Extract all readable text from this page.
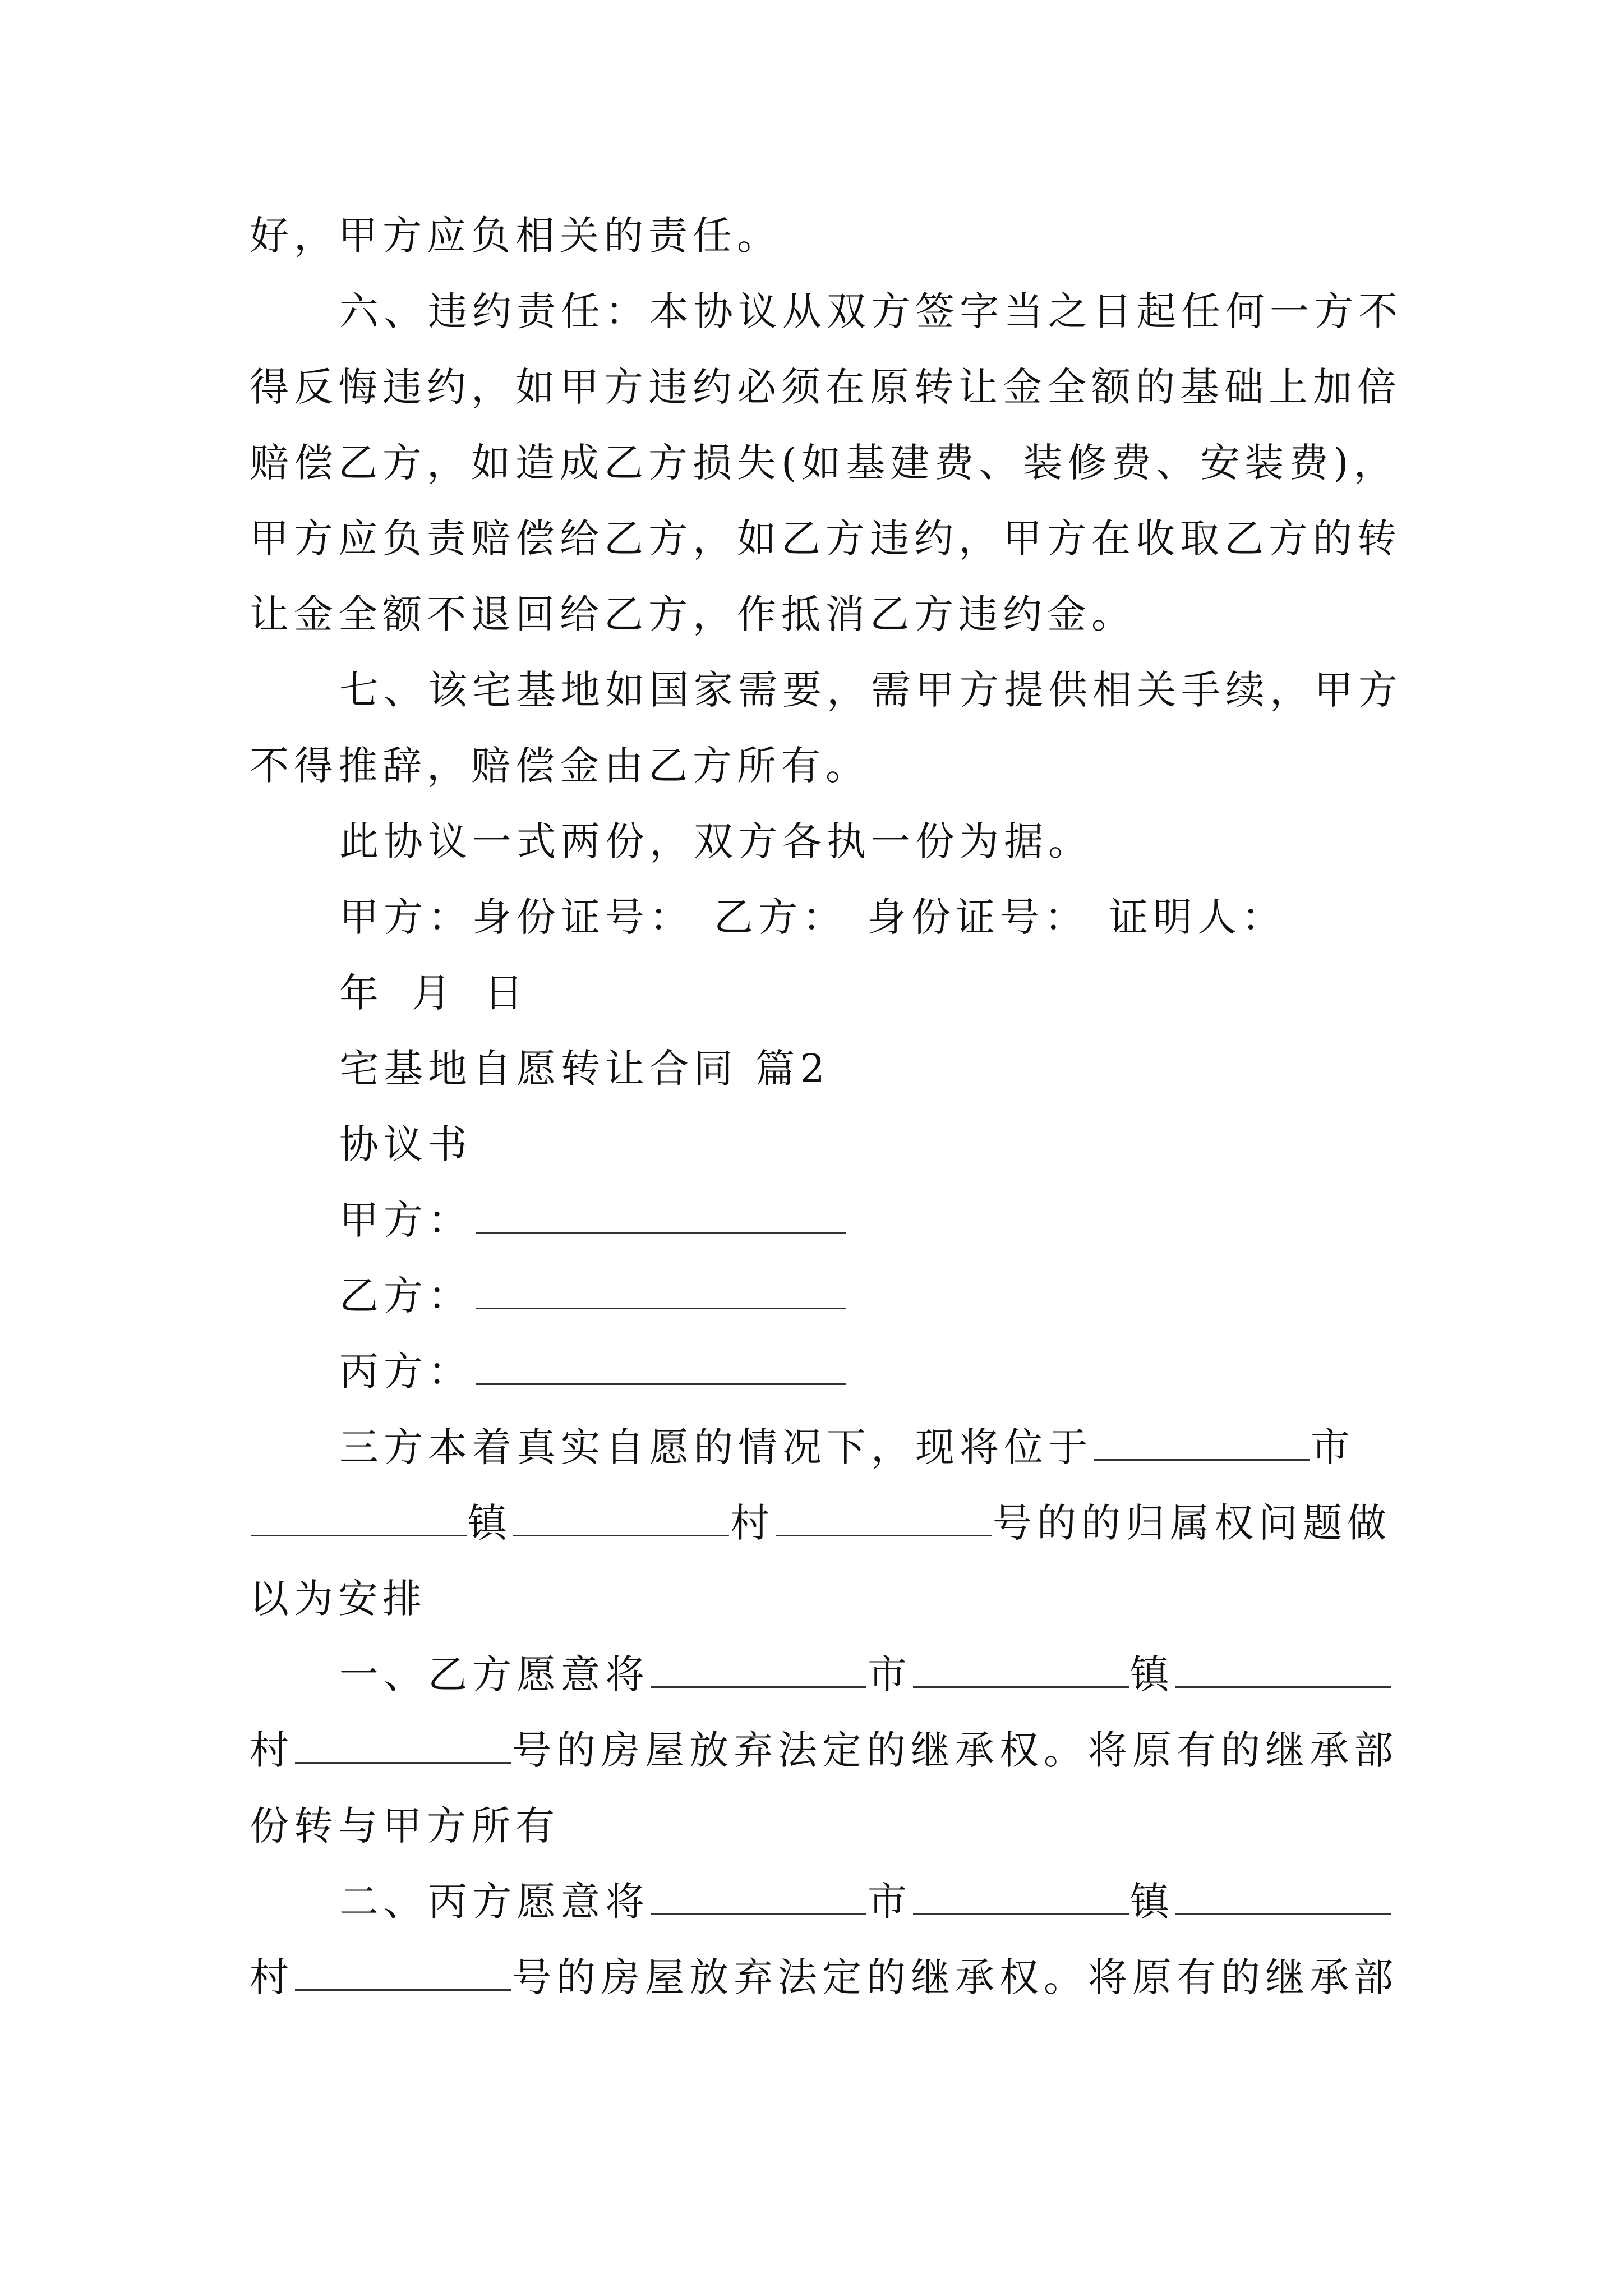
好，甲方应负相关的责任。
六、违约责任：本协议从双方签字当之日起任何一方不
得反悔违约，如甲方违约必须在原转让金全额的基础上加倍
赔偿乙方，如造成乙方损失(如基建费、装修费、安装费)，
甲方应负责赔偿给乙方，如乙方违约，甲方在收取乙方的转
让金全额不退回给乙方，作抵消乙方违约金。
七、该宅基地如国家需要，需甲方提供相关手续，甲方
不得推辞，赔偿金由乙方所有。
此协议一式两份，双方各执一份为据。
甲方：身份证号： 乙方： 身份证号： 证明人：
年 月 日
宅基地自愿转让合同 篇2
协议书
甲方：
乙方：
丙方：
三方本着真实自愿的情况下，现将位于	市
镇	村	号的的归属权问题做
以为安排
一、乙方愿意将	市	镇
村	号的房屋放弃法定的继承权。将原有的继承部
份转与甲方所有
二、丙方愿意将	市	镇
村	号的房屋放弃法定的继承权。将原有的继承部
